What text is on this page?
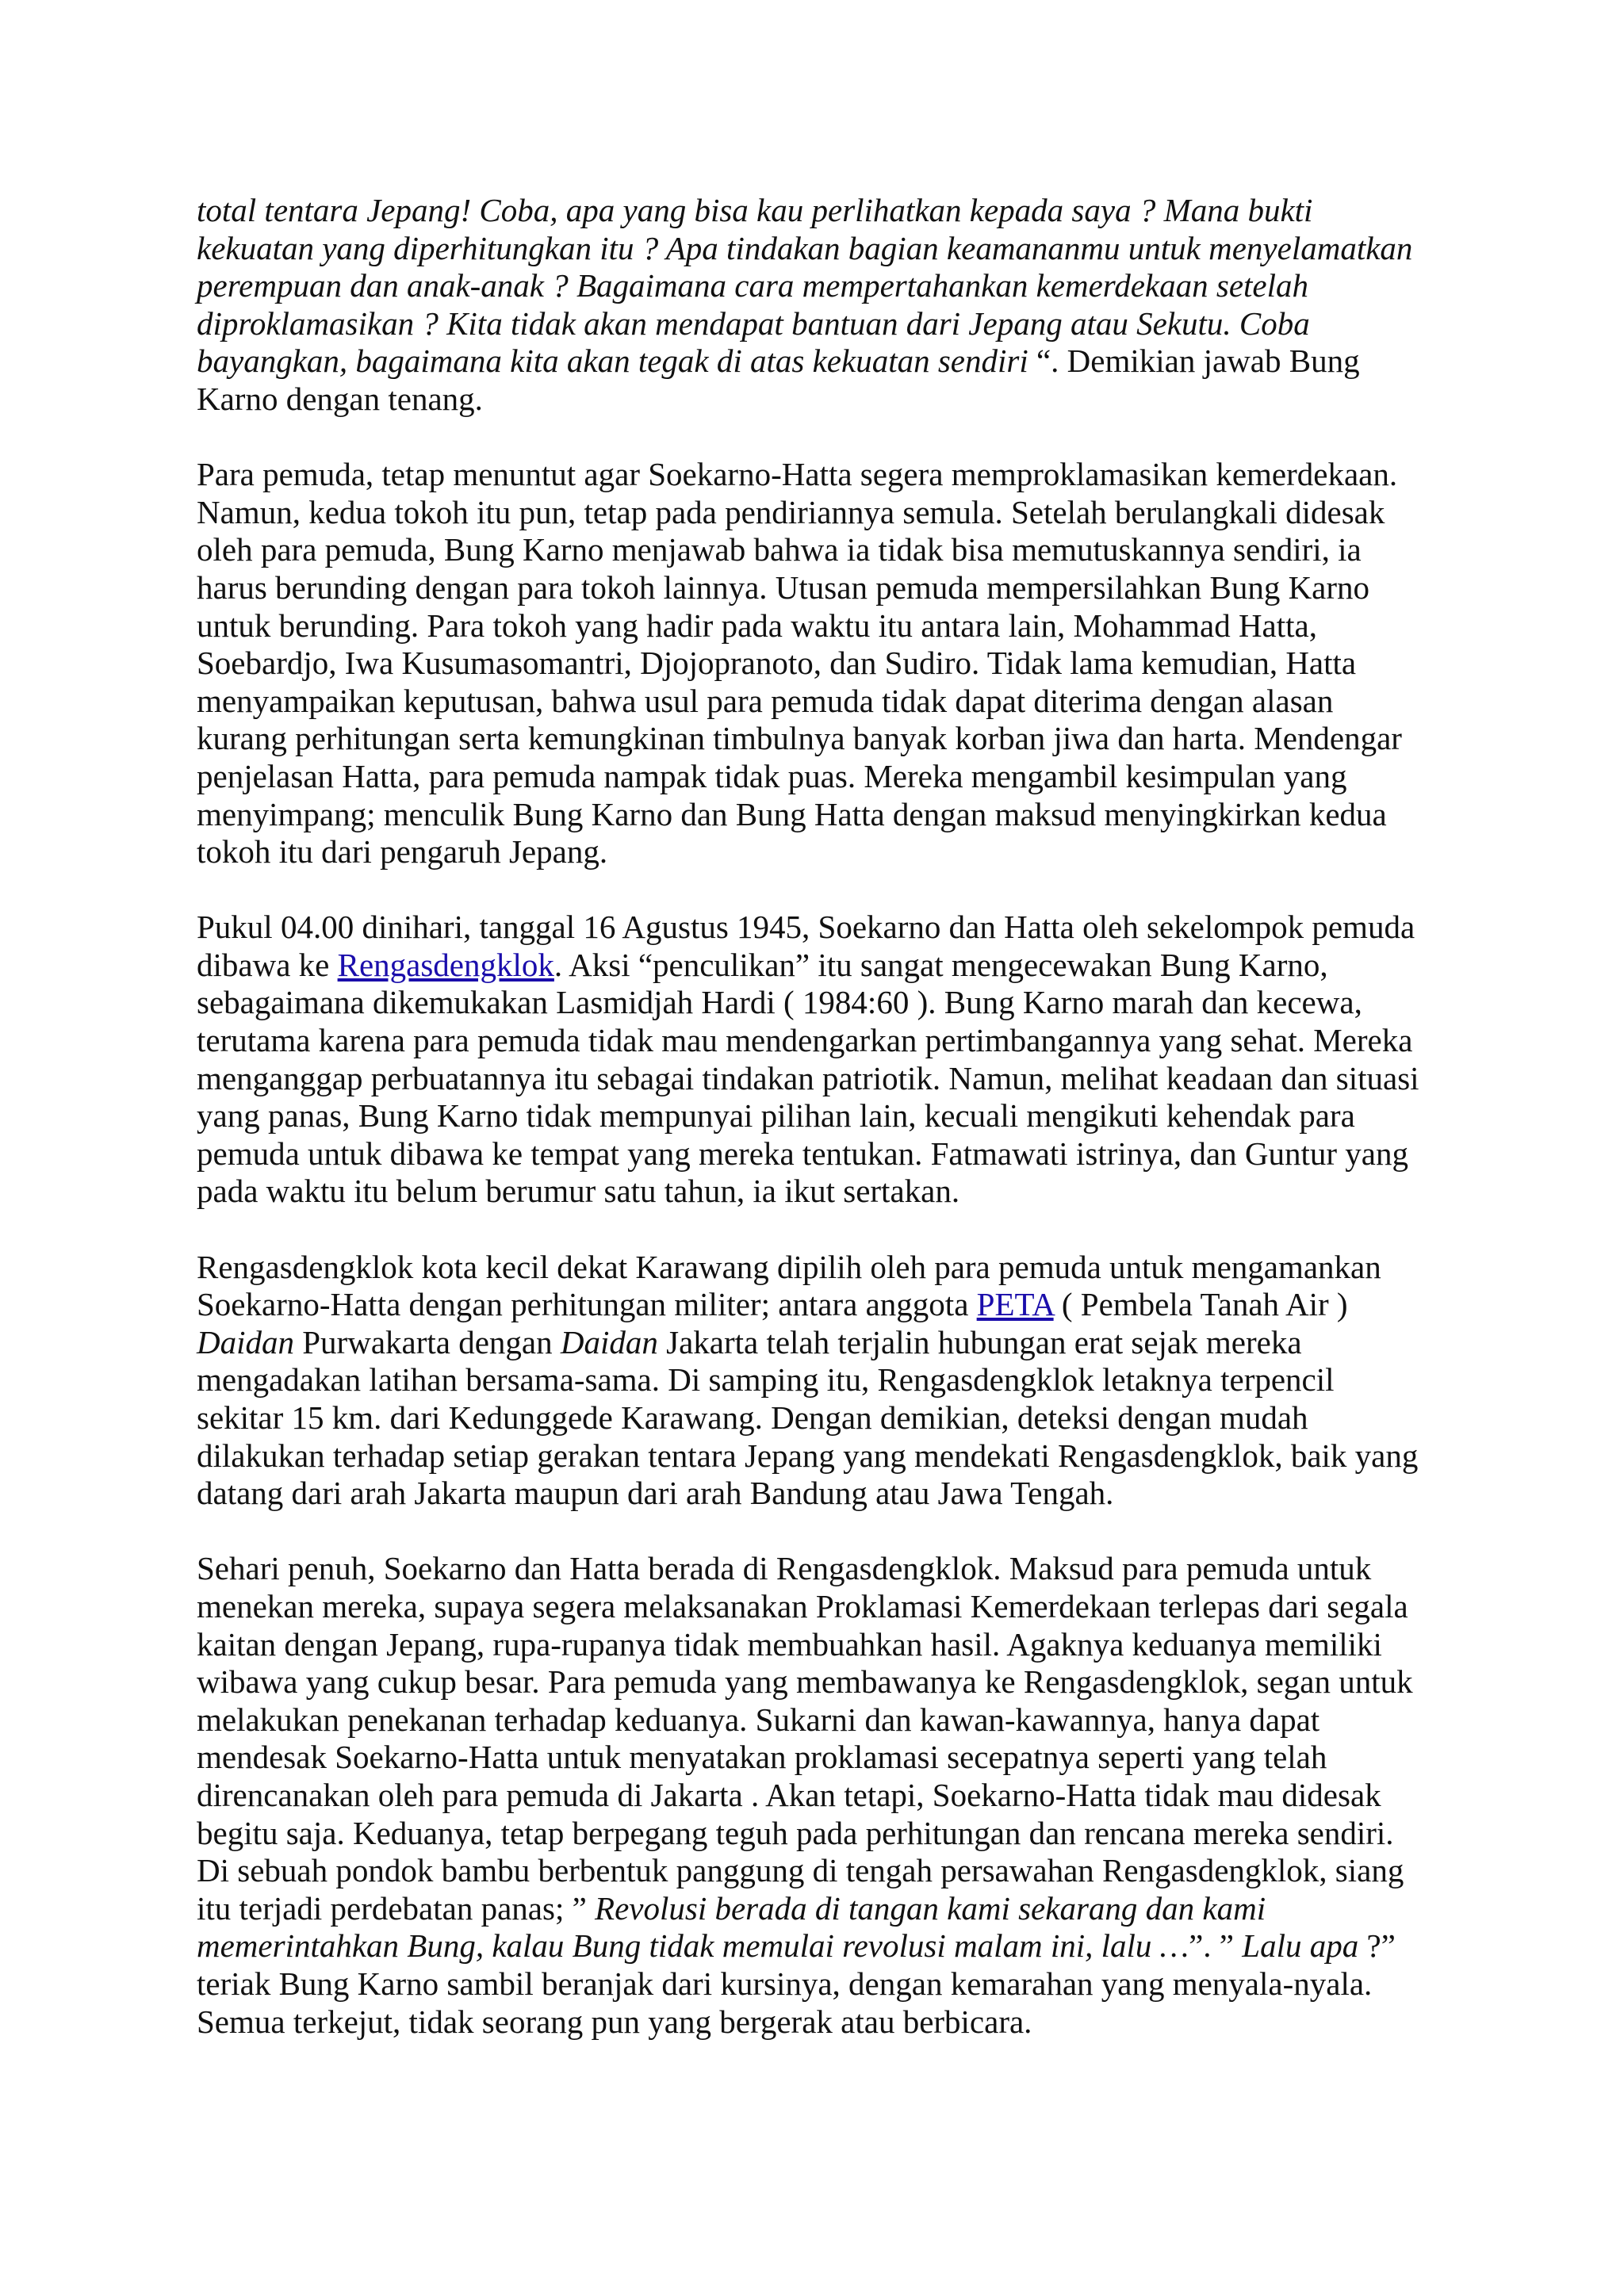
total tentara Jepang! Coba, apa yang bisa kau perlihatkan kepada saya ? Mana bukti
kekuatan yang diperhitungkan itu ? Apa tindakan bagian keamananmu untuk menyelamatkan
perempuan dan anak-anak ? Bagaimana cara mempertahankan kemerdekaan setelah
diproklamasikan ? Kita tidak akan mendapat bantuan dari Jepang atau Sekutu. Coba
bayangkan, bagaimana kita akan tegak di atas kekuatan sendiri “. Demikian jawab Bung
Karno dengan tenang.

Para pemuda, tetap menuntut agar Soekarno-Hatta segera memproklamasikan kemerdekaan.
Namun, kedua tokoh itu pun, tetap pada pendiriannya semula. Setelah berulangkali didesak
oleh para pemuda, Bung Karno menjawab bahwa ia tidak bisa memutuskannya sendiri, ia
harus berunding dengan para tokoh lainnya. Utusan pemuda mempersilahkan Bung Karno
untuk berunding. Para tokoh yang hadir pada waktu itu antara lain, Mohammad Hatta,
Soebardjo, Iwa Kusumasomantri, Djojopranoto, dan Sudiro. Tidak lama kemudian, Hatta
menyampaikan keputusan, bahwa usul para pemuda tidak dapat diterima dengan alasan
kurang perhitungan serta kemungkinan timbulnya banyak korban jiwa dan harta. Mendengar
penjelasan Hatta, para pemuda nampak tidak puas. Mereka mengambil kesimpulan yang
menyimpang; menculik Bung Karno dan Bung Hatta dengan maksud menyingkirkan kedua
tokoh itu dari pengaruh Jepang.

Pukul 04.00 dinihari, tanggal 16 Agustus 1945, Soekarno dan Hatta oleh sekelompok pemuda
dibawa ke Rengasdengklok. Aksi “penculikan” itu sangat mengecewakan Bung Karno,
sebagaimana dikemukakan Lasmidjah Hardi ( 1984:60 ). Bung Karno marah dan kecewa,
terutama karena para pemuda tidak mau mendengarkan pertimbangannya yang sehat. Mereka
menganggap perbuatannya itu sebagai tindakan patriotik. Namun, melihat keadaan dan situasi
yang panas, Bung Karno tidak mempunyai pilihan lain, kecuali mengikuti kehendak para
pemuda untuk dibawa ke tempat yang mereka tentukan. Fatmawati istrinya, dan Guntur yang
pada waktu itu belum berumur satu tahun, ia ikut sertakan.

Rengasdengklok kota kecil dekat Karawang dipilih oleh para pemuda untuk mengamankan
Soekarno-Hatta dengan perhitungan militer; antara anggota PETA ( Pembela Tanah Air )
Daidan Purwakarta dengan Daidan Jakarta telah terjalin hubungan erat sejak mereka
mengadakan latihan bersama-sama. Di samping itu, Rengasdengklok letaknya terpencil
sekitar 15 km. dari Kedunggede Karawang. Dengan demikian, deteksi dengan mudah
dilakukan terhadap setiap gerakan tentara Jepang yang mendekati Rengasdengklok, baik yang
datang dari arah Jakarta maupun dari arah Bandung atau Jawa Tengah.

Sehari penuh, Soekarno dan Hatta berada di Rengasdengklok. Maksud para pemuda untuk
menekan mereka, supaya segera melaksanakan Proklamasi Kemerdekaan terlepas dari segala
kaitan dengan Jepang, rupa-rupanya tidak membuahkan hasil. Agaknya keduanya memiliki
wibawa yang cukup besar. Para pemuda yang membawanya ke Rengasdengklok, segan untuk
melakukan penekanan terhadap keduanya. Sukarni dan kawan-kawannya, hanya dapat
mendesak Soekarno-Hatta untuk menyatakan proklamasi secepatnya seperti yang telah
direncanakan oleh para pemuda di Jakarta . Akan tetapi, Soekarno-Hatta tidak mau didesak
begitu saja. Keduanya, tetap berpegang teguh pada perhitungan dan rencana mereka sendiri.
Di sebuah pondok bambu berbentuk panggung di tengah persawahan Rengasdengklok, siang
itu terjadi perdebatan panas; ” Revolusi berada di tangan kami sekarang dan kami
memerintahkan Bung, kalau Bung tidak memulai revolusi malam ini, lalu …”. ” Lalu apa ?”
teriak Bung Karno sambil beranjak dari kursinya, dengan kemarahan yang menyala-nyala.
Semua terkejut, tidak seorang pun yang bergerak atau berbicara.
